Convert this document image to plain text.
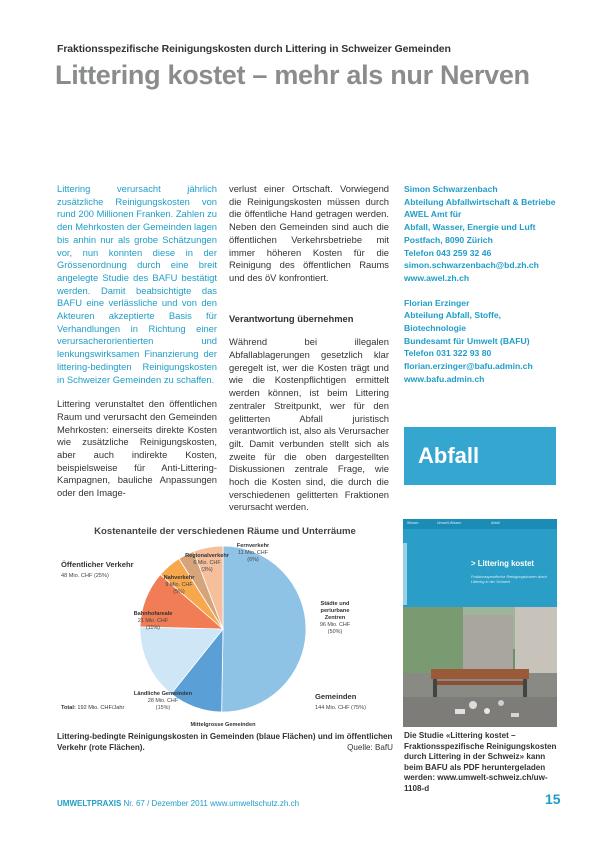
Fraktionsspezifische Reinigungskosten durch Littering in Schweizer Gemeinden
Littering kostet – mehr als nur Nerven

Littering verursacht jährlich zusätzliche Reinigungskosten von rund 200 Millionen Franken. Zahlen zu den Mehrkosten der Gemeinden lagen bis anhin nur als grobe Schätzungen vor, nun konnten diese in der Grössenordnung durch eine breit angelegte Studie des BAFU bestätigt werden. Damit beabsichtigte das BAFU eine verlässliche und von den Akteuren akzeptierte Basis für Verhandlungen in Richtung einer verursacherorientierten und lenkungswirksamen Finanzierung der littering-bedingten Reinigungskosten in Schweizer Gemeinden zu schaffen.

Littering verunstaltet den öffentlichen Raum und verursacht den Gemeinden Mehrkosten: einerseits direkte Kosten wie zusätzliche Reinigungskosten, aber auch indirekte Kosten, beispielsweise für Anti-Littering-Kampagnen, bauliche Anpassungen oder den Image-

verlust einer Ortschaft. Vorwiegend die Reinigungskosten müssen durch die öffentliche Hand getragen werden. Neben den Gemeinden sind auch die öffentlichen Verkehrsbetriebe mit immer höheren Kosten für die Reinigung des öffentlichen Raums und des öV konfrontiert.

Verantwortung übernehmen

Während bei illegalen Abfallablagerungen gesetzlich klar geregelt ist, wer die Kosten trägt und wie die Kostenpflichtigen ermittelt werden können, ist beim Littering zentraler Streitpunkt, wer für den gelitterten Abfall juristisch verantwortlich ist, also als Verursacher gilt. Damit verbunden stellt sich als zweite für die oben dargestellten Diskussionen zentrale Frage, wie hoch die Kosten sind, die durch die verschiedenen gelitterten Fraktionen verursacht werden.

Simon Schwarzenbach
Abteilung Abfallwirtschaft & Betriebe
AWEL Amt für
Abfall, Wasser, Energie und Luft
Postfach, 8090 Zürich
Telefon 043 259 32 46
simon.schwarzenbach@bd.zh.ch
www.awel.zh.ch
Florian Erzinger
Abteilung Abfall, Stoffe, Biotechnologie
Bundesamt für Umwelt (BAFU)
Telefon 031 322 93 80
florian.erzinger@bafu.admin.ch
www.bafu.admin.ch
Abfall
Kostenanteile der verschiedenen Räume und Unterräume
Städte und
periurbane
Zentren
96 Mio. CHF
(50%)
Mittelgrosse Gemeinden
Ländliche Gemeinden
28 Mio. CHF
(15%)
Bahnhofareale
21 Mio. CHF
(11%)
Nahverkehr
9 Mio. CHF
(5%)
Regionalverkehr
6 Mio. CHF
(3%)
Fernverkehr
11 Mio. CHF
(6%)
Öffentlicher Verkehr
48 Mio. CHF (25%)
Gemeinden
144 Mio. CHF (75%)
Total: 192 Mio. CHF/Jahr
Littering-bedingte Reinigungskosten in Gemeinden (blaue Flächen) und im öffentlichen Verkehr (rote Flächen).	Quelle: BafU
Wissen	Umwelt-Wissen	Abfall
> Littering kostet
Fraktionsspezifische Reinigungskosten durch Littering in der Schweiz
Die Studie «Littering kostet – Fraktionsspezifische Reinigungskosten durch Littering in der Schweiz» kann beim BAFU als PDF heruntergeladen werden: www.umwelt-schweiz.ch/uw-1108-d
UMWELTPRAXIS Nr. 67 / Dezember 2011 www.umweltschutz.zh.ch	15
